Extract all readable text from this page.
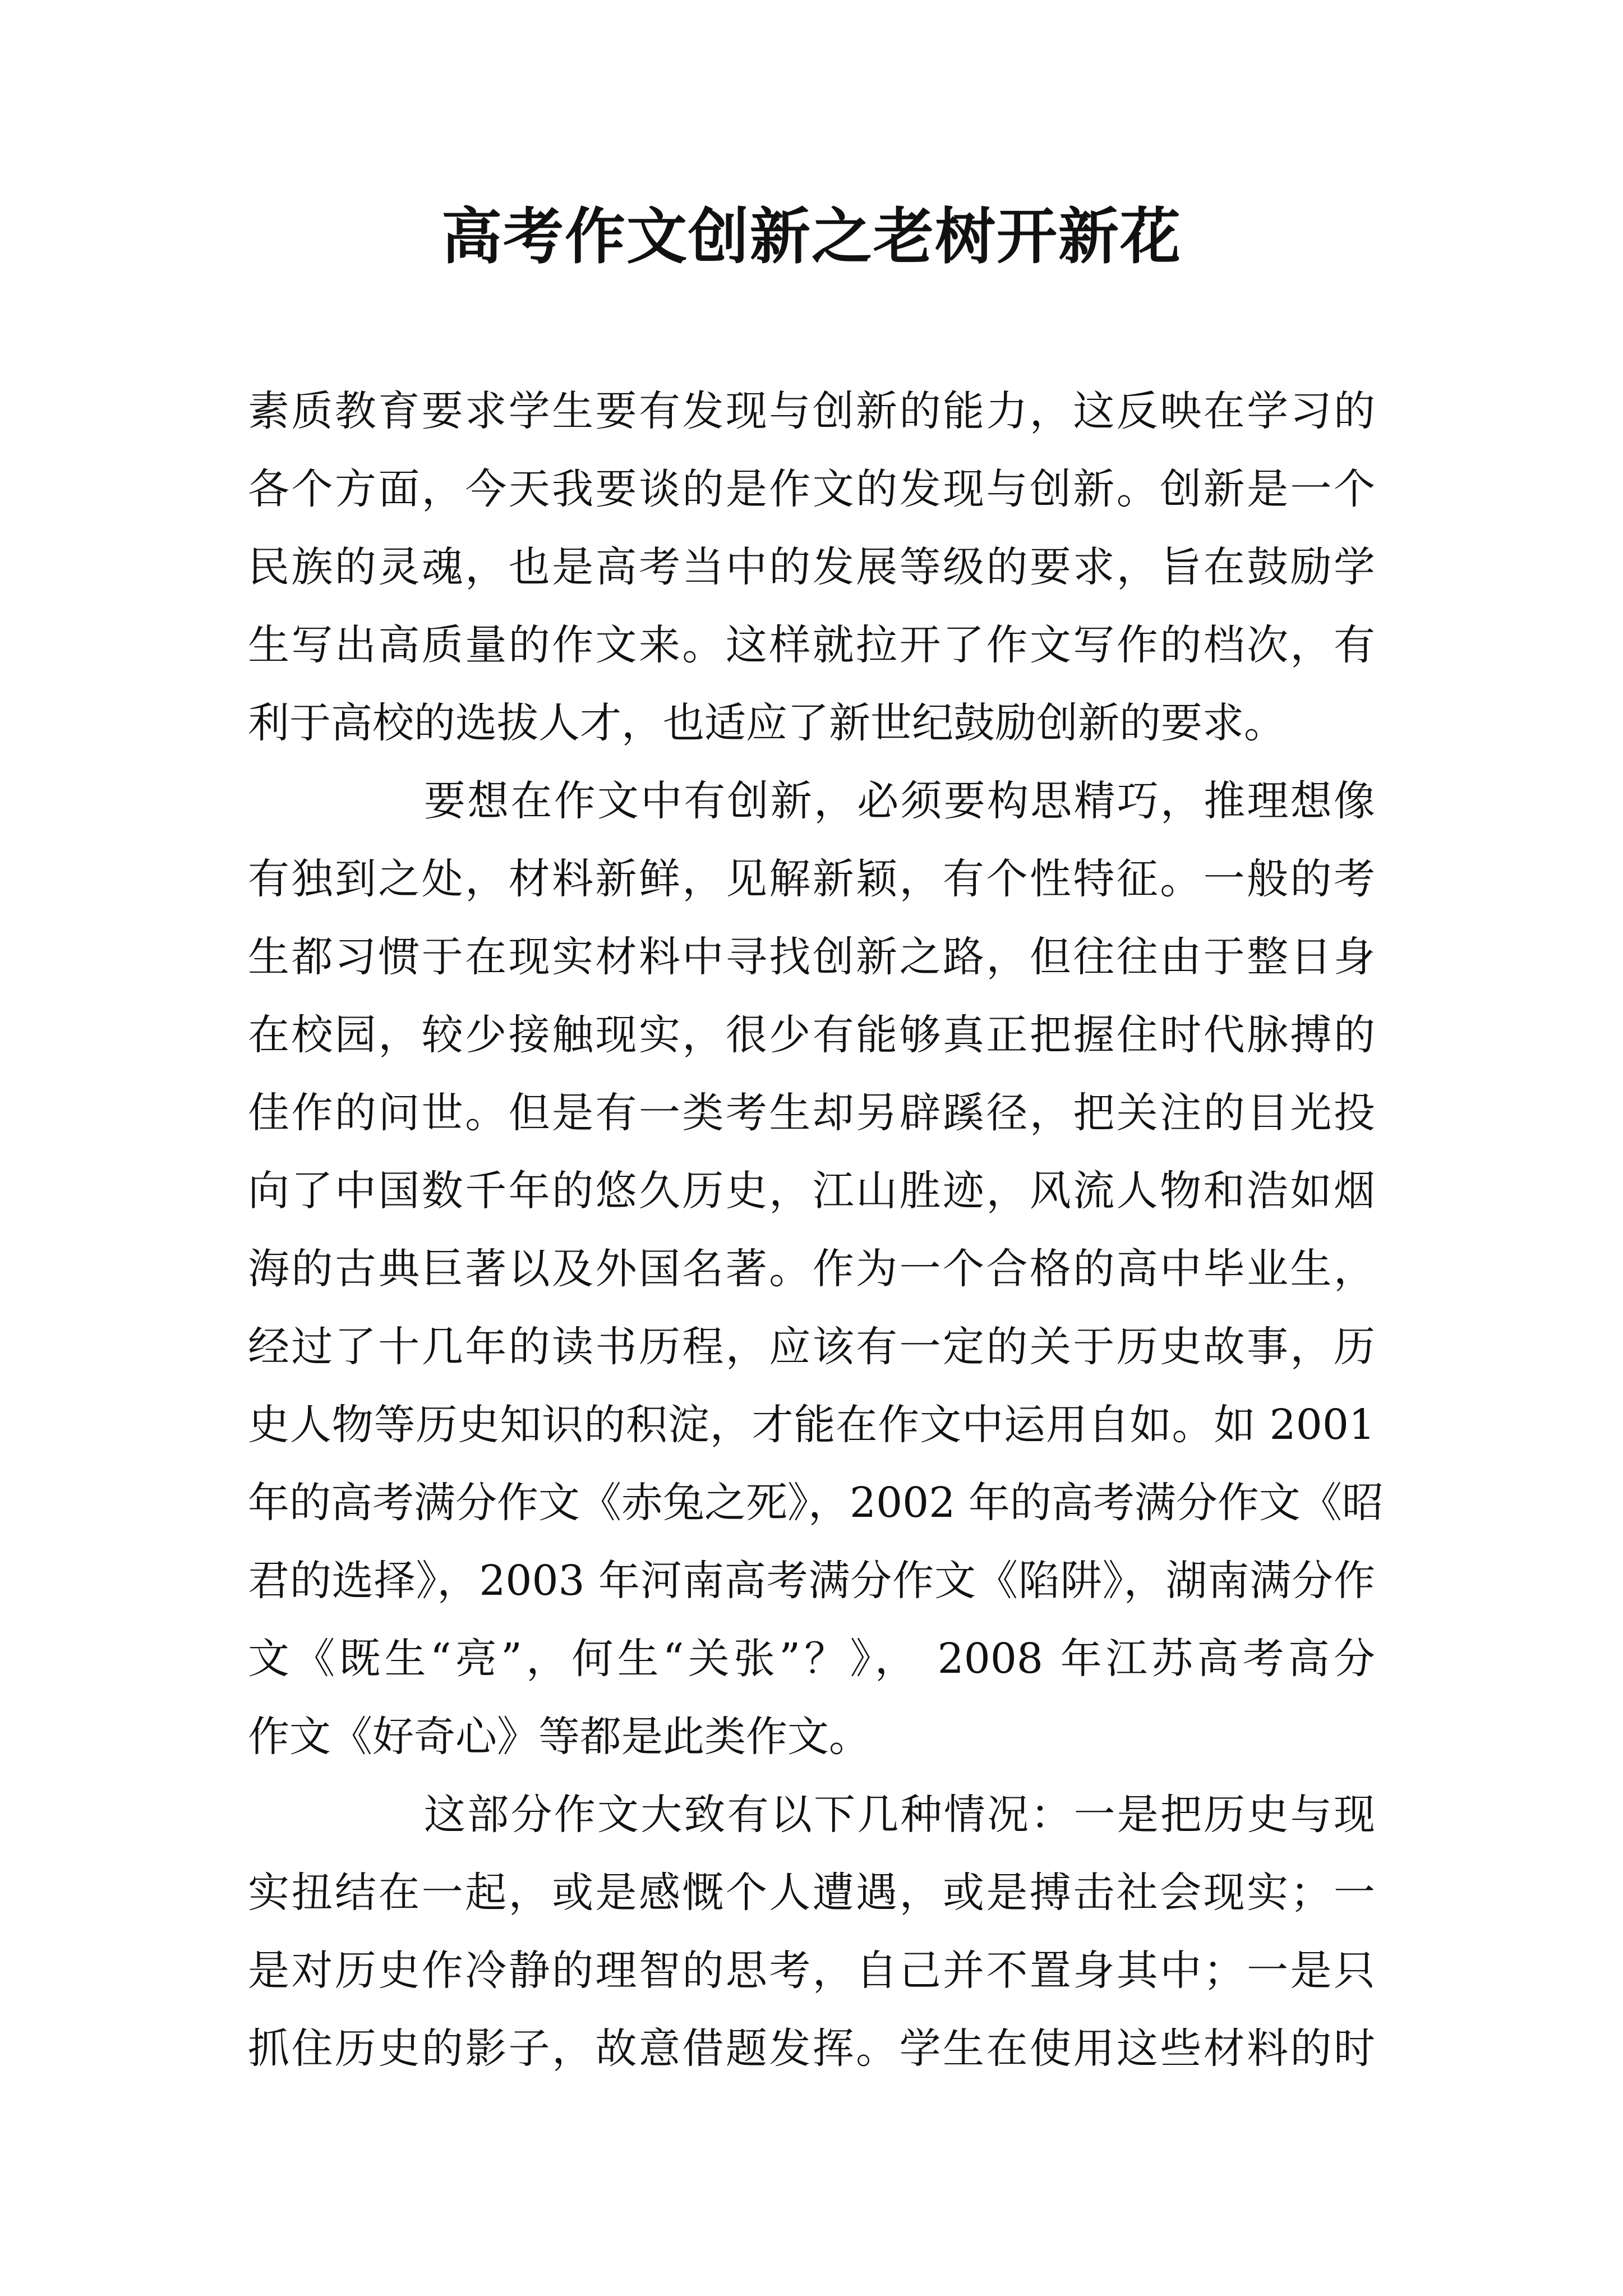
高考作文创新之老树开新花
素质教育要求学生要有发现与创新的能力，这反映在学习的
各个方面，今天我要谈的是作文的发现与创新。创新是一个
民族的灵魂，也是高考当中的发展等级的要求，旨在鼓励学
生写出高质量的作文来。这样就拉开了作文写作的档次，有
利于高校的选拔人才，也适应了新世纪鼓励创新的要求。
要想在作文中有创新，必须要构思精巧，推理想像
有独到之处，材料新鲜，见解新颖，有个性特征。一般的考
生都习惯于在现实材料中寻找创新之路，但往往由于整日身
在校园，较少接触现实，很少有能够真正把握住时代脉搏的
佳作的问世。但是有一类考生却另辟蹊径，把关注的目光投
向了中国数千年的悠久历史，江山胜迹，风流人物和浩如烟
海的古典巨著以及外国名著。作为一个合格的高中毕业生，
经过了十几年的读书历程，应该有一定的关于历史故事，历
史人物等历史知识的积淀，才能在作文中运用自如。如 2001
年的高考满分作文《赤兔之死》，2002 年的高考满分作文《昭
君的选择》，2003 年河南高考满分作文《陷阱》，湖南满分作
文《既生“亮”，何生“关张”？》， 2008 年江苏高考高分
作文《好奇心》等都是此类作文。
这部分作文大致有以下几种情况：一是把历史与现
实扭结在一起，或是感慨个人遭遇，或是搏击社会现实；一
是对历史作冷静的理智的思考，自己并不置身其中；一是只
抓住历史的影子，故意借题发挥。学生在使用这些材料的时
